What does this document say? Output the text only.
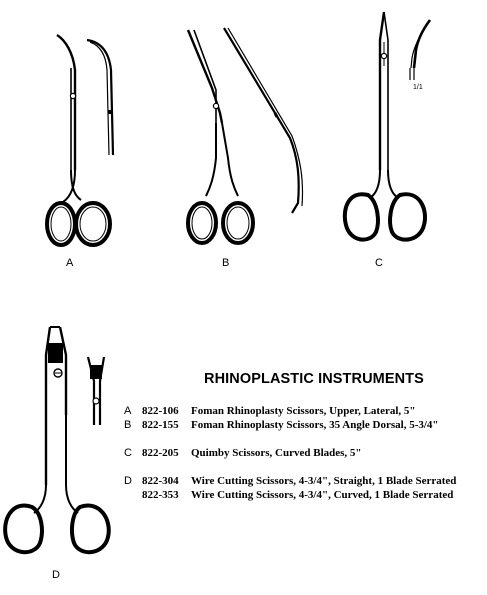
A	B
1/1
C
D
RHINOPLASTIC INSTRUMENTS
A 822-106 Foman Rhinoplasty Scissors, Upper, Lateral, 5"
B 822-155 Foman Rhinoplasty Scissors, 35 Angle Dorsal, 5-3/4"
C 822-205 Quimby Scissors, Curved Blades, 5"
D 822-304 Wire Cutting Scissors, 4-3/4", Straight, 1 Blade Serrated
822-353 Wire Cutting Scissors, 4-3/4", Curved, 1 Blade Serrated
